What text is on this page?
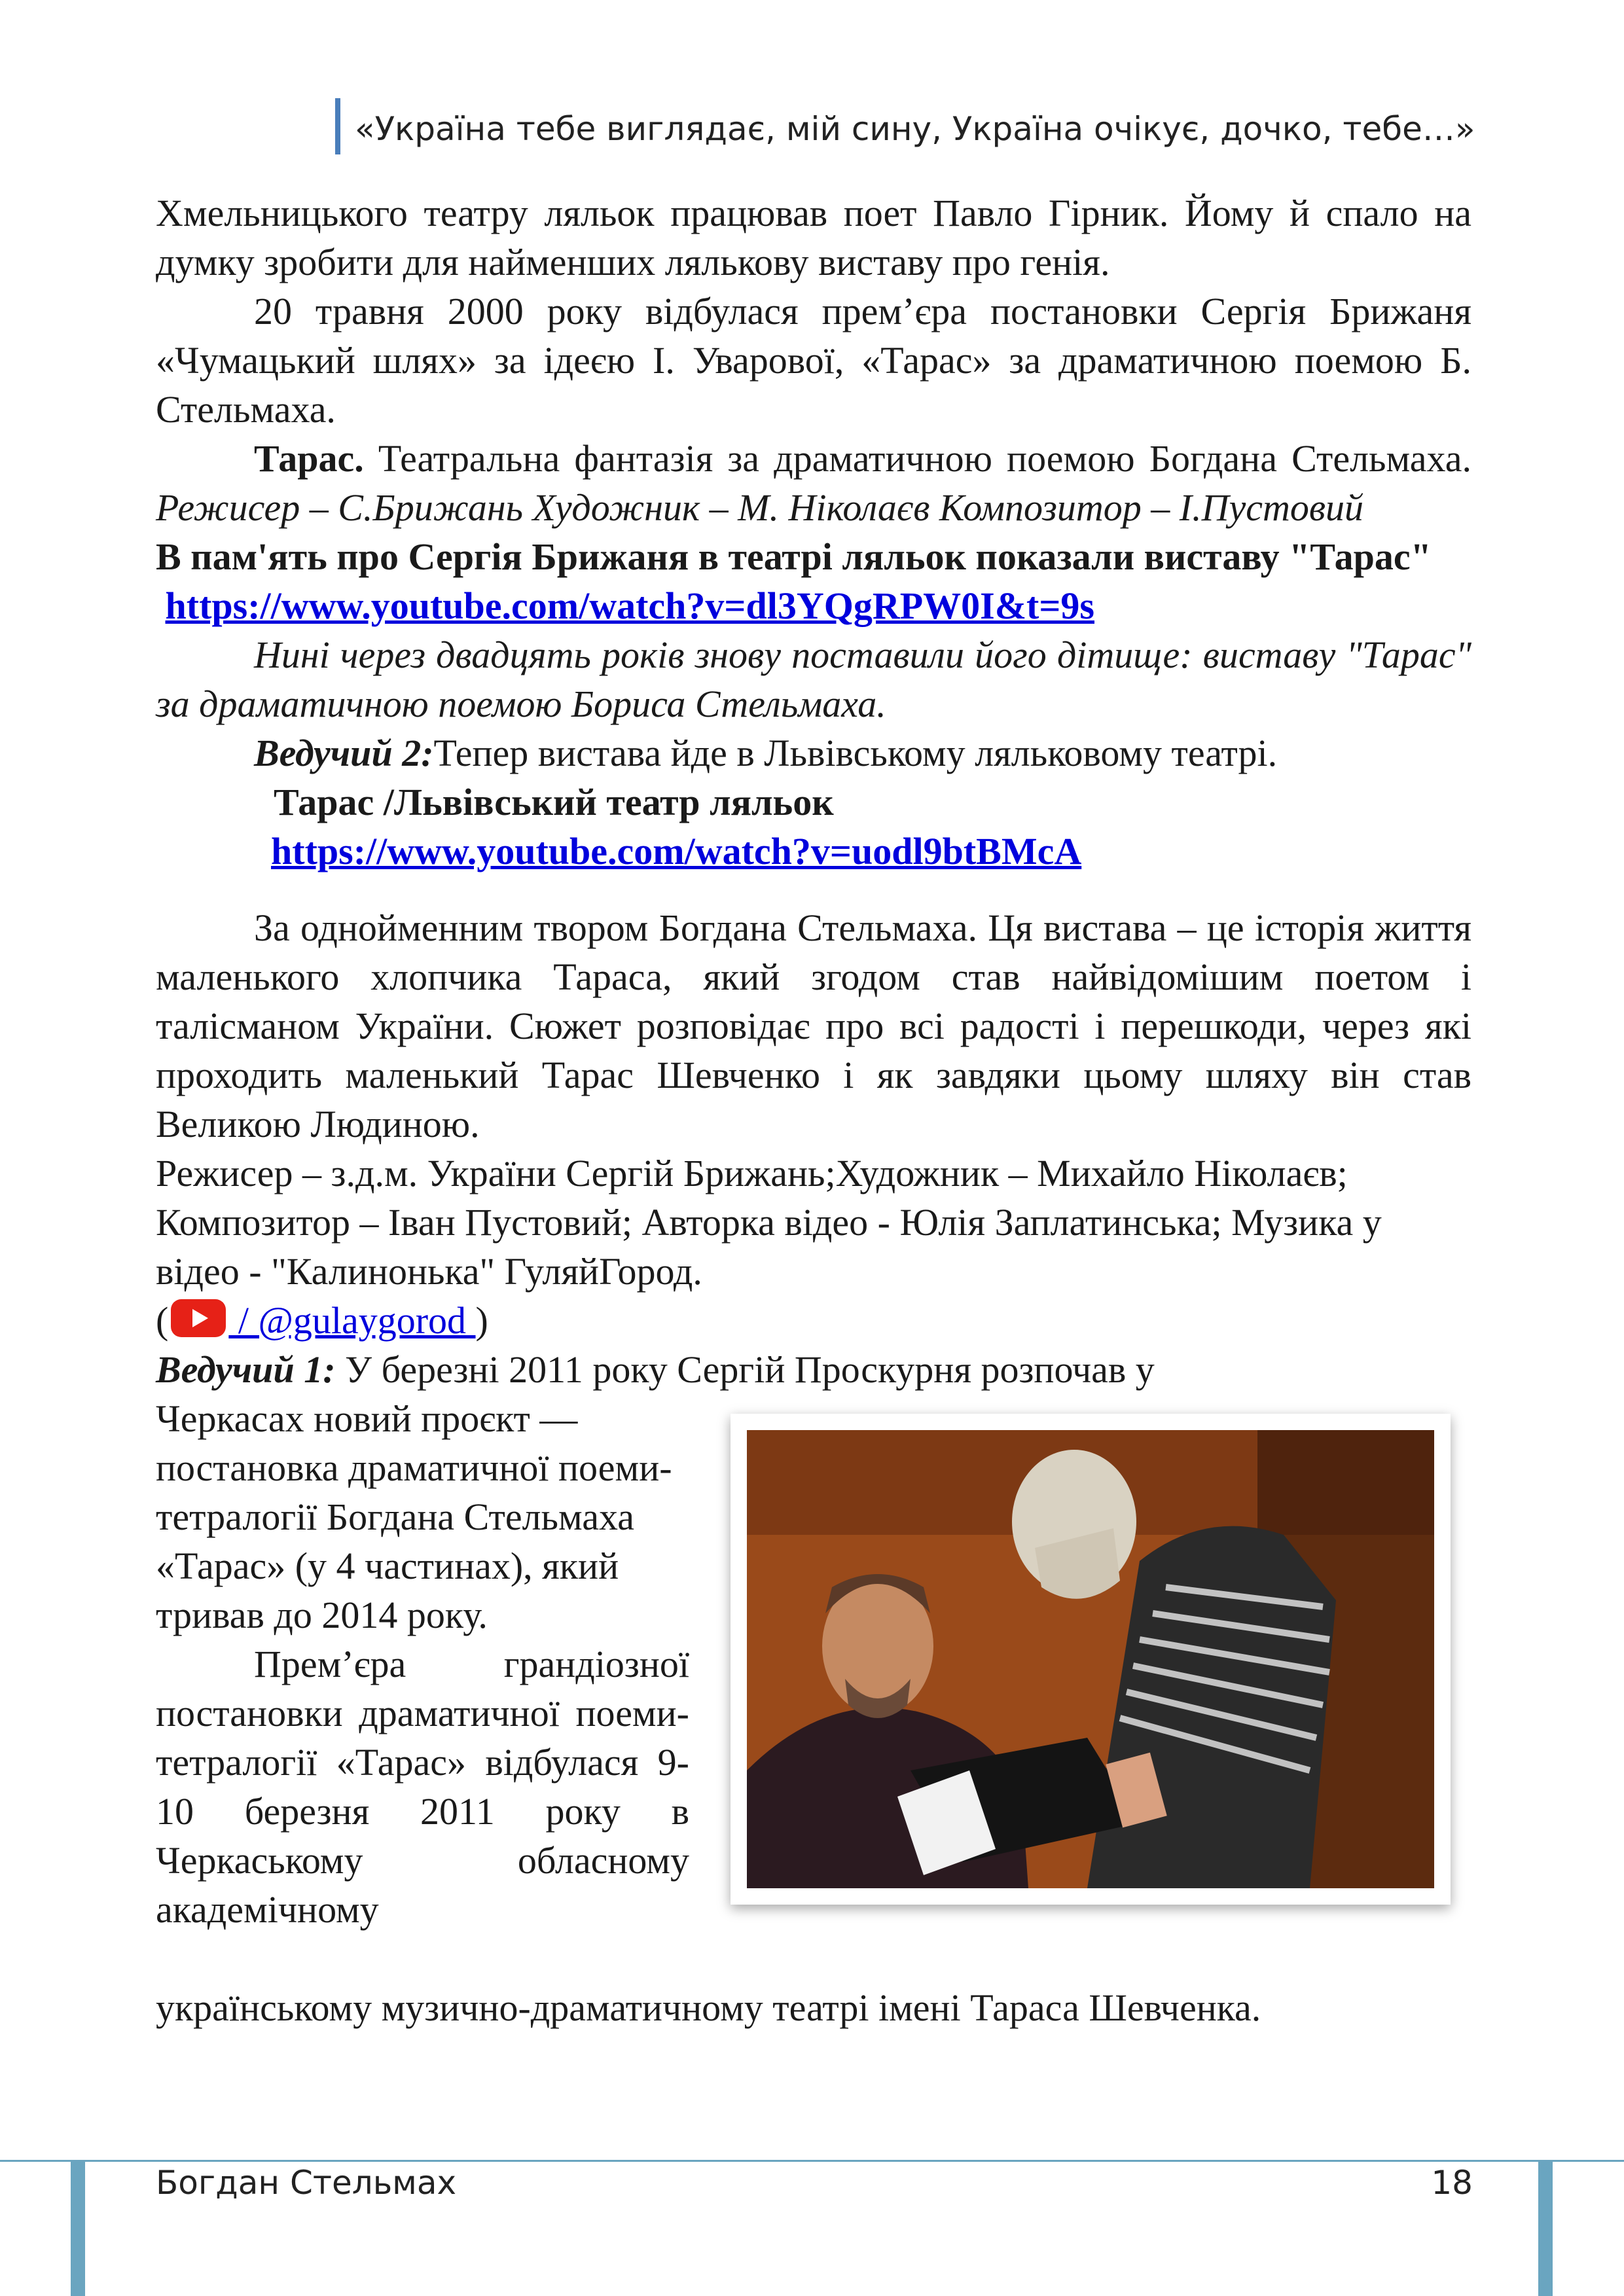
«Україна тебе виглядає, мій сину, Україна очікує, дочко, тебе…»

Хмельницького театру ляльок працював поет Павло Гірник. Йому й спало на думку зробити для найменших лялькову виставу про генія.

20 травня 2000 року відбулася прем’єра постановки Сергія Брижаня «Чумацький шлях» за ідеєю І. Уварової, «Тарас» за драматичною поемою Б. Стельмаха.

Тарас. Театральна фантазія за драматичною поемою Богдана Стельмаха. Режисер – С.Брижань Художник – М. Ніколаєв Композитор – І.Пустовий

В пам'ять про Сергія Брижаня в театрі ляльок показали виставу "Тарас"  https://www.youtube.com/watch?v=dl3YQgRPW0I&t=9s

Нині через двадцять років знову поставили його дітище: виставу "Тарас" за драматичною поемою Бориса Стельмаха.

Ведучий 2:Тепер вистава йде в Львівському ляльковому театрі.

Тарас /Львівський театр ляльок

https://www.youtube.com/watch?v=uodl9btBMcA

За однойменним твором Богдана Стельмаха. Ця вистава – це історія життя маленького хлопчика Тараса, який згодом став найвідомішим поетом і талісманом України. Сюжет розповідає про всі радості і перешкоди, через які проходить маленький Тарас Шевченко і як завдяки цьому шляху він став Великою Людиною.

Режисер – з.д.м. України Сергій Брижань;Художник – Михайло Ніколаєв; Композитор – Іван Пустовий; Авторка відео - Юлія Заплатинська; Музика у відео - "Калинонька" ГуляйГород.

( / @gulaygorod )

Ведучий 1: У березні 2011 року Сергій Проскурня розпочав у

Черкасах новий проєкт — постановка драматичної поеми-тетралогії Богдана Стельмаха «Тарас» (у 4 частинах), який тривав до 2014 року.

Прем’єра грандіозної постановки драматичної поеми-тетралогії «Тарас» відбулася 9-10 березня 2011 року в Черкаському обласному академічному

українському музично-драматичному театрі імені Тараса Шевченка.

Богдан Стельмах	18
